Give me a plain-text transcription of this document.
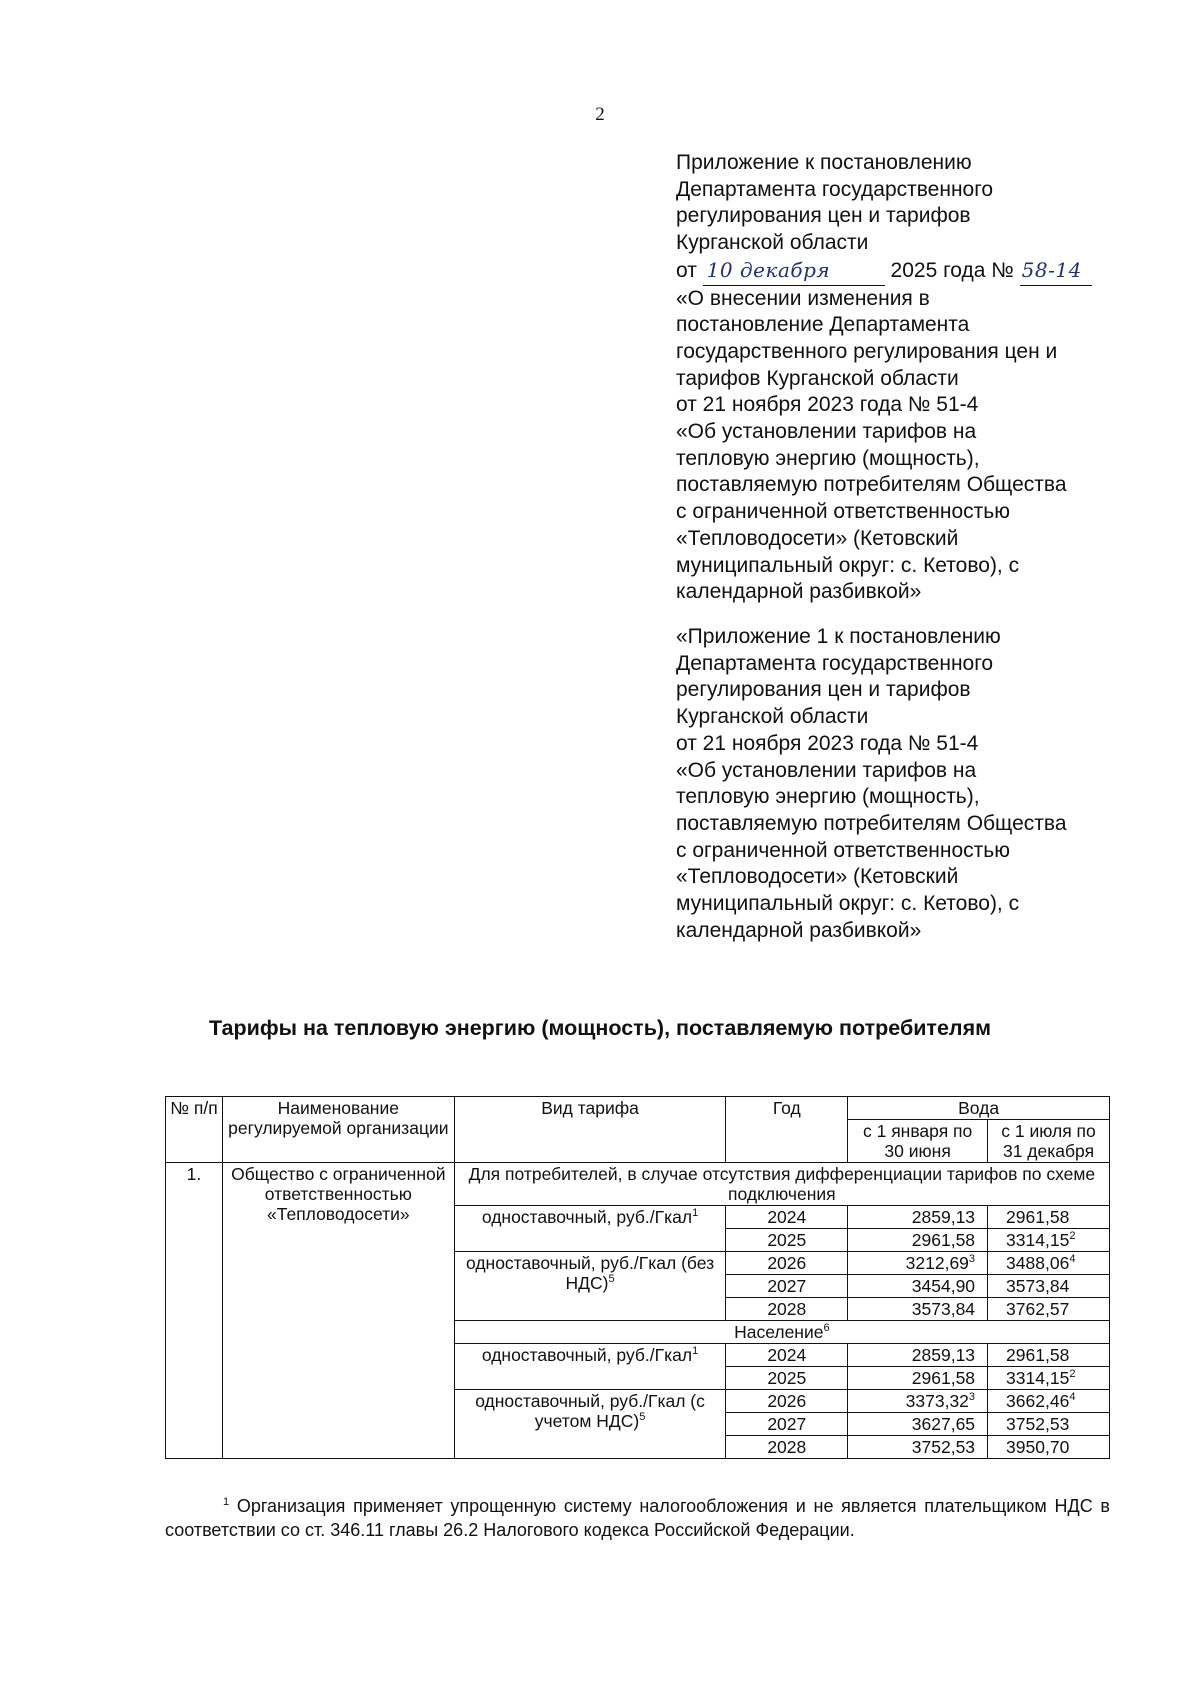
2
Приложение к постановлению
Департамента государственного
регулирования цен и тарифов
Курганской области
от 10 декабря	2025 года № 58-14
«О внесении изменения в
постановление Департамента
государственного регулирования цен и
тарифов Курганской области
от 21 ноября 2023 года № 51-4
«Об установлении тарифов на
тепловую энергию (мощность),
поставляемую потребителям Общества
с ограниченной ответственностью
«Тепловодосети» (Кетовский
муниципальный округ: с. Кетово), с
календарной разбивкой»
«Приложение 1 к постановлению
Департамента государственного
регулирования цен и тарифов
Курганской области
от 21 ноября 2023 года № 51-4
«Об установлении тарифов на
тепловую энергию (мощность),
поставляемую потребителям Общества
с ограниченной ответственностью
«Тепловодосети» (Кетовский
муниципальный округ: с. Кетово), с
календарной разбивкой»
Тарифы на тепловую энергию (мощность), поставляемую потребителям
№ п/п	Наименование регулируемой организации	Вид тарифа	Год	Вода	
				с 1 января по 30 июня	с 1 июля по 31 декабря
1.	Общество с ограниченной ответственностью «Тепловодосети»	Для потребителей, в случае отсутствия дифференциации тарифов по схеме подключения			
		одноставочный, руб./Гкал$^1$	2024	2859,13	2961,58
			2025	2961,58	3314,15$^2$
		одноставочный, руб./Гкал (без НДС)$^5$	2026	3212,69$^3$	3488,06$^4$
			2027	3454,90	3573,84
			2028	3573,84	3762,57
		Население$^6$
		одноставочный, руб./Гкал$^1$	2024	2859,13	2961,58
			2025	2961,58	3314,15$^2$
		одноставочный, руб./Гкал (с учетом НДС)$^5$	2026	3373,32$^3$	3662,46$^4$
			2027	3627,65	3752,53
			2028	3752,53	3950,70
$^1$ Организация применяет упрощенную систему налогообложения и не является плательщиком НДС в соответствии со ст. 346.11 главы 26.2 Налогового кодекса Российской Федерации.
